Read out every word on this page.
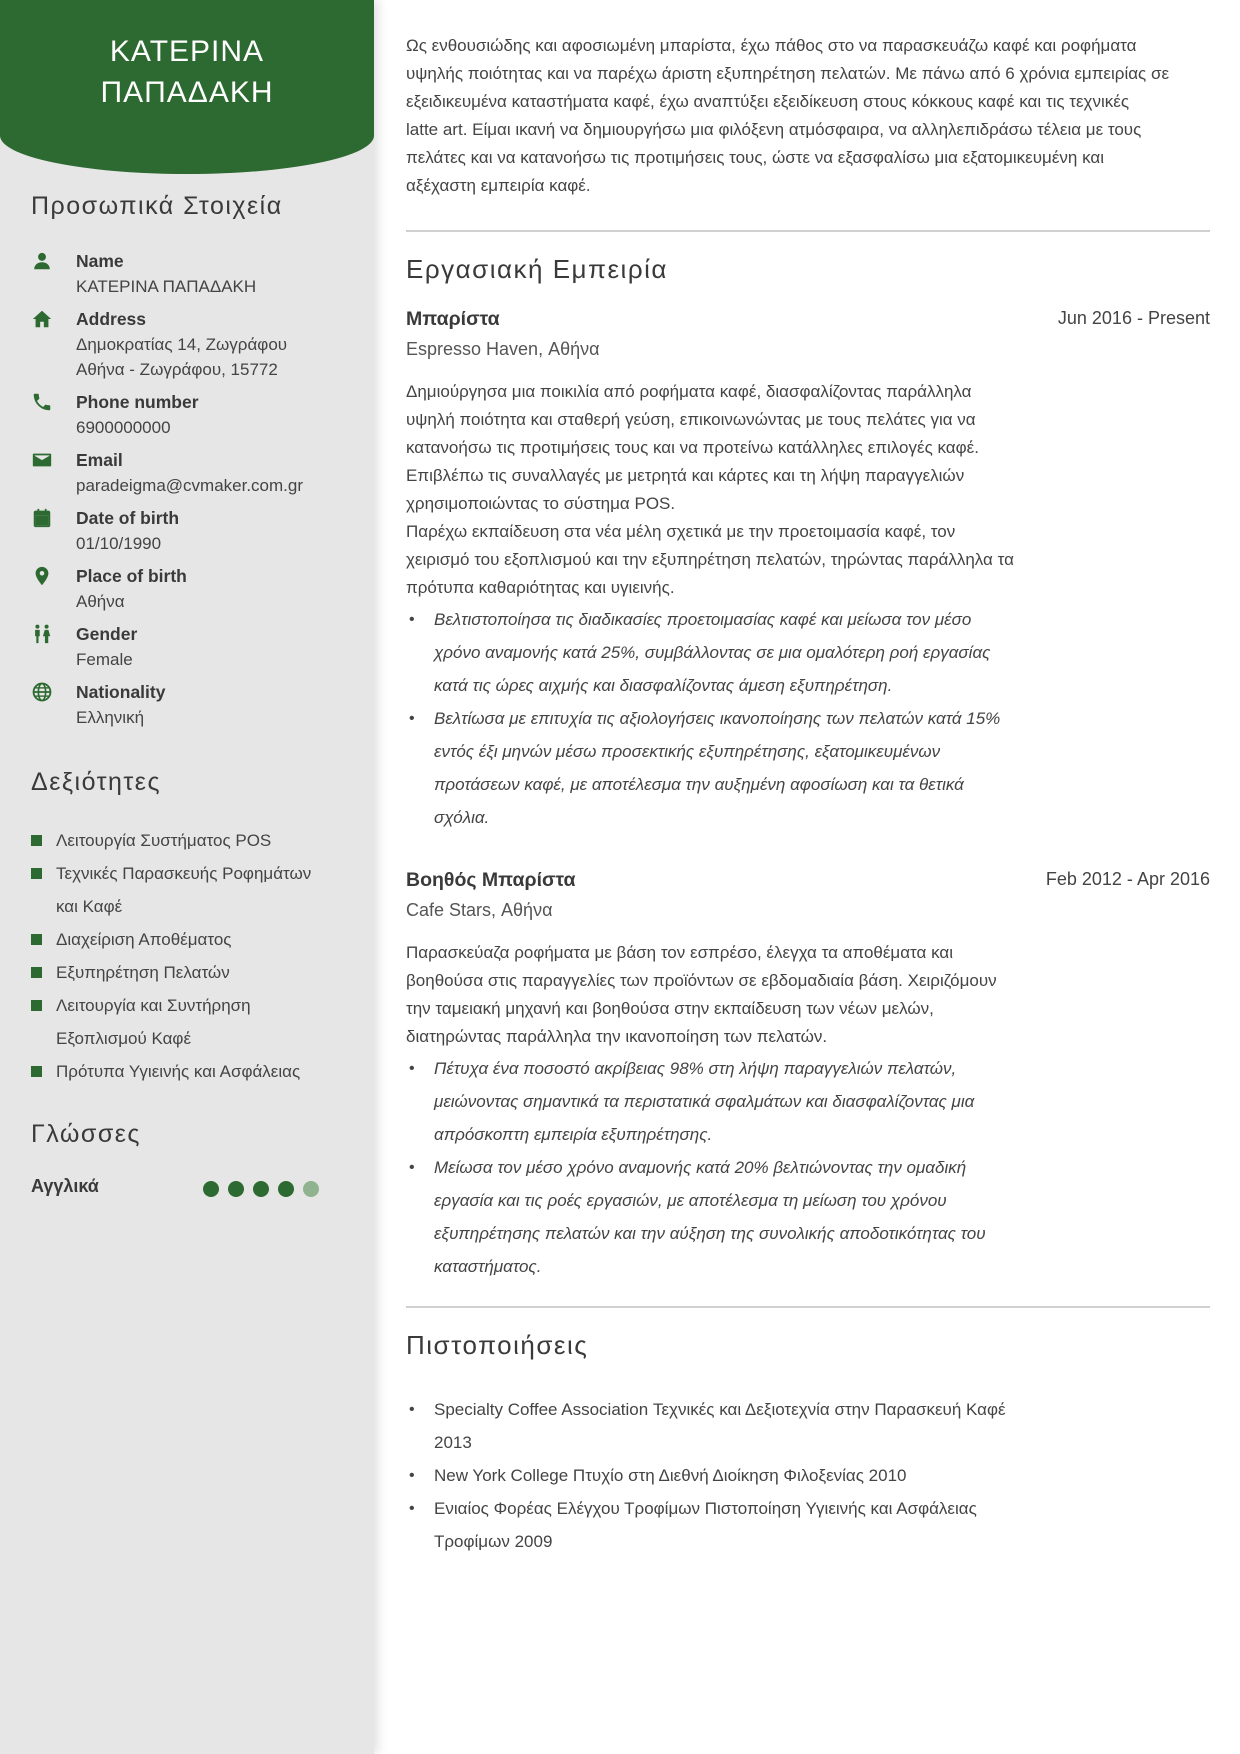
ΚΑΤΕΡΙΝΑ
ΠΑΠΑΔΑΚΗ
Προσωπικά Στοιχεία
Name
ΚΑΤΕΡΙΝΑ ΠΑΠΑΔΑΚΗ
Address
Δημοκρατίας 14, Ζωγράφου
Αθήνα - Ζωγράφου, 15772
Phone number
6900000000
Email
paradeigma@cvmaker.com.gr
Date of birth
01/10/1990
Place of birth
Αθήνα
Gender
Female
Nationality
Ελληνική
Δεξιότητες
Λειτουργία Συστήματος POS
Τεχνικές Παρασκευής Ροφημάτων
και Καφέ
Διαχείριση Αποθέματος
Εξυπηρέτηση Πελατών
Λειτουργία και Συντήρηση
Εξοπλισμού Καφέ
Πρότυπα Υγιεινής και Ασφάλειας
Γλώσσες
Αγγλικά
Ως ενθουσιώδης και αφοσιωμένη μπαρίστα, έχω πάθος στο να παρασκευάζω καφέ και ροφήματα
υψηλής ποιότητας και να παρέχω άριστη εξυπηρέτηση πελατών. Με πάνω από 6 χρόνια εμπειρίας σε
εξειδικευμένα καταστήματα καφέ, έχω αναπτύξει εξειδίκευση στους κόκκους καφέ και τις τεχνικές
latte art. Είμαι ικανή να δημιουργήσω μια φιλόξενη ατμόσφαιρα, να αλληλεπιδράσω τέλεια με τους
πελάτες και να κατανοήσω τις προτιμήσεις τους, ώστε να εξασφαλίσω μια εξατομικευμένη και
αξέχαστη εμπειρία καφέ.
Εργασιακή Εμπειρία
Μπαρίστα	Jun 2016 - Present
Espresso Haven, Αθήνα
Δημιούργησα μια ποικιλία από ροφήματα καφέ, διασφαλίζοντας παράλληλα
υψηλή ποιότητα και σταθερή γεύση, επικοινωνώντας με τους πελάτες για να
κατανοήσω τις προτιμήσεις τους και να προτείνω κατάλληλες επιλογές καφέ.
Επιβλέπω τις συναλλαγές με μετρητά και κάρτες και τη λήψη παραγγελιών
χρησιμοποιώντας το σύστημα POS.
Παρέχω εκπαίδευση στα νέα μέλη σχετικά με την προετοιμασία καφέ, τον
χειρισμό του εξοπλισμού και την εξυπηρέτηση πελατών, τηρώντας παράλληλα τα
πρότυπα καθαριότητας και υγιεινής.
• Βελτιστοποίησα τις διαδικασίες προετοιμασίας καφέ και μείωσα τον μέσο
χρόνο αναμονής κατά 25%, συμβάλλοντας σε μια ομαλότερη ροή εργασίας
κατά τις ώρες αιχμής και διασφαλίζοντας άμεση εξυπηρέτηση.
• Βελτίωσα με επιτυχία τις αξιολογήσεις ικανοποίησης των πελατών κατά 15%
εντός έξι μηνών μέσω προσεκτικής εξυπηρέτησης, εξατομικευμένων
προτάσεων καφέ, με αποτέλεσμα την αυξημένη αφοσίωση και τα θετικά
σχόλια.
Βοηθός Μπαρίστα	Feb 2012 - Apr 2016
Cafe Stars, Αθήνα
Παρασκεύαζα ροφήματα με βάση τον εσπρέσο, έλεγχα τα αποθέματα και
βοηθούσα στις παραγγελίες των προϊόντων σε εβδομαδιαία βάση. Χειριζόμουν
την ταμειακή μηχανή και βοηθούσα στην εκπαίδευση των νέων μελών,
διατηρώντας παράλληλα την ικανοποίηση των πελατών.
• Πέτυχα ένα ποσοστό ακρίβειας 98% στη λήψη παραγγελιών πελατών,
μειώνοντας σημαντικά τα περιστατικά σφαλμάτων και διασφαλίζοντας μια
απρόσκοπτη εμπειρία εξυπηρέτησης.
• Μείωσα τον μέσο χρόνο αναμονής κατά 20% βελτιώνοντας την ομαδική
εργασία και τις ροές εργασιών, με αποτέλεσμα τη μείωση του χρόνου
εξυπηρέτησης πελατών και την αύξηση της συνολικής αποδοτικότητας του
καταστήματος.
Πιστοποιήσεις
• Specialty Coffee Association Τεχνικές και Δεξιοτεχνία στην Παρασκευή Καφέ
2013
• New York College Πτυχίο στη Διεθνή Διοίκηση Φιλοξενίας 2010
• Ενιαίος Φορέας Ελέγχου Τροφίμων Πιστοποίηση Υγιεινής και Ασφάλειας
Τροφίμων 2009
